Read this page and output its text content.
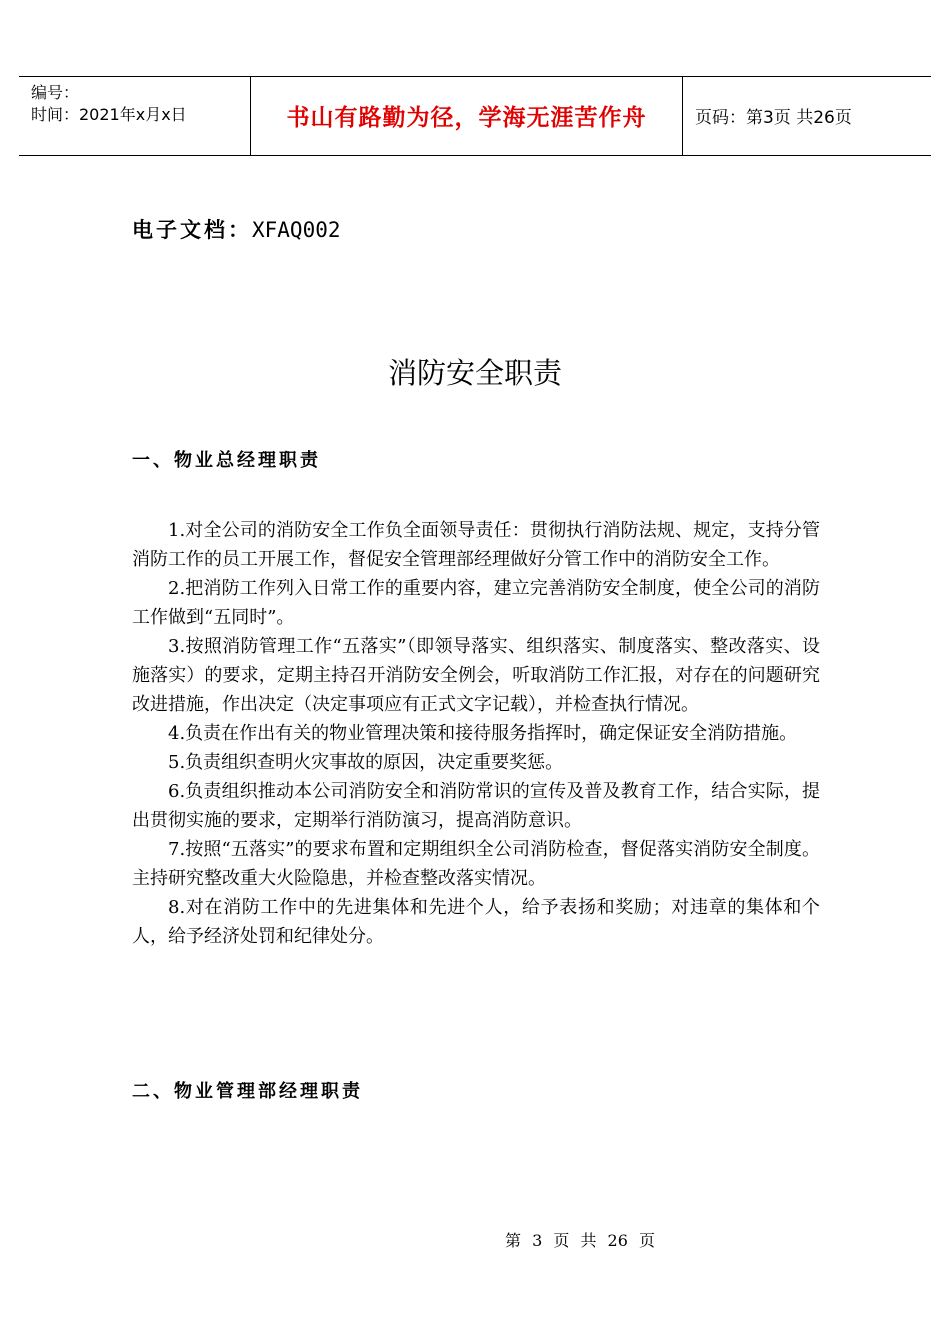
编号：
时间：2021年x月x日	书山有路勤为径，学海无涯苦作舟	页码：第3页 共26页
电子文档：XFAQ002
消防安全职责
一、物业总经理职责

1.对全公司的消防安全工作负全面领导责任：贯彻执行消防法规、规定，支持分管消防工作的员工开展工作，督促安全管理部经理做好分管工作中的消防安全工作。

2.把消防工作列入日常工作的重要内容，建立完善消防安全制度，使全公司的消防工作做到“五同时”。

3.按照消防管理工作“五落实”（即领导落实、组织落实、制度落实、整改落实、设施落实）的要求，定期主持召开消防安全例会，听取消防工作汇报，对存在的问题研究改进措施，作出决定（决定事项应有正式文字记载），并检查执行情况。

4.负责在作出有关的物业管理决策和接待服务指挥时，确定保证安全消防措施。

5.负责组织查明火灾事故的原因，决定重要奖惩。

6.负责组织推动本公司消防安全和消防常识的宣传及普及教育工作，结合实际，提出贯彻实施的要求，定期举行消防演习，提高消防意识。

7.按照“五落实”的要求布置和定期组织全公司消防检查，督促落实消防安全制度。主持研究整改重大火险隐患，并检查整改落实情况。

8.对在消防工作中的先进集体和先进个人，给予表扬和奖励；对违章的集体和个人，给予经济处罚和纪律处分。

二、物业管理部经理职责
第 3 页 共 26 页
